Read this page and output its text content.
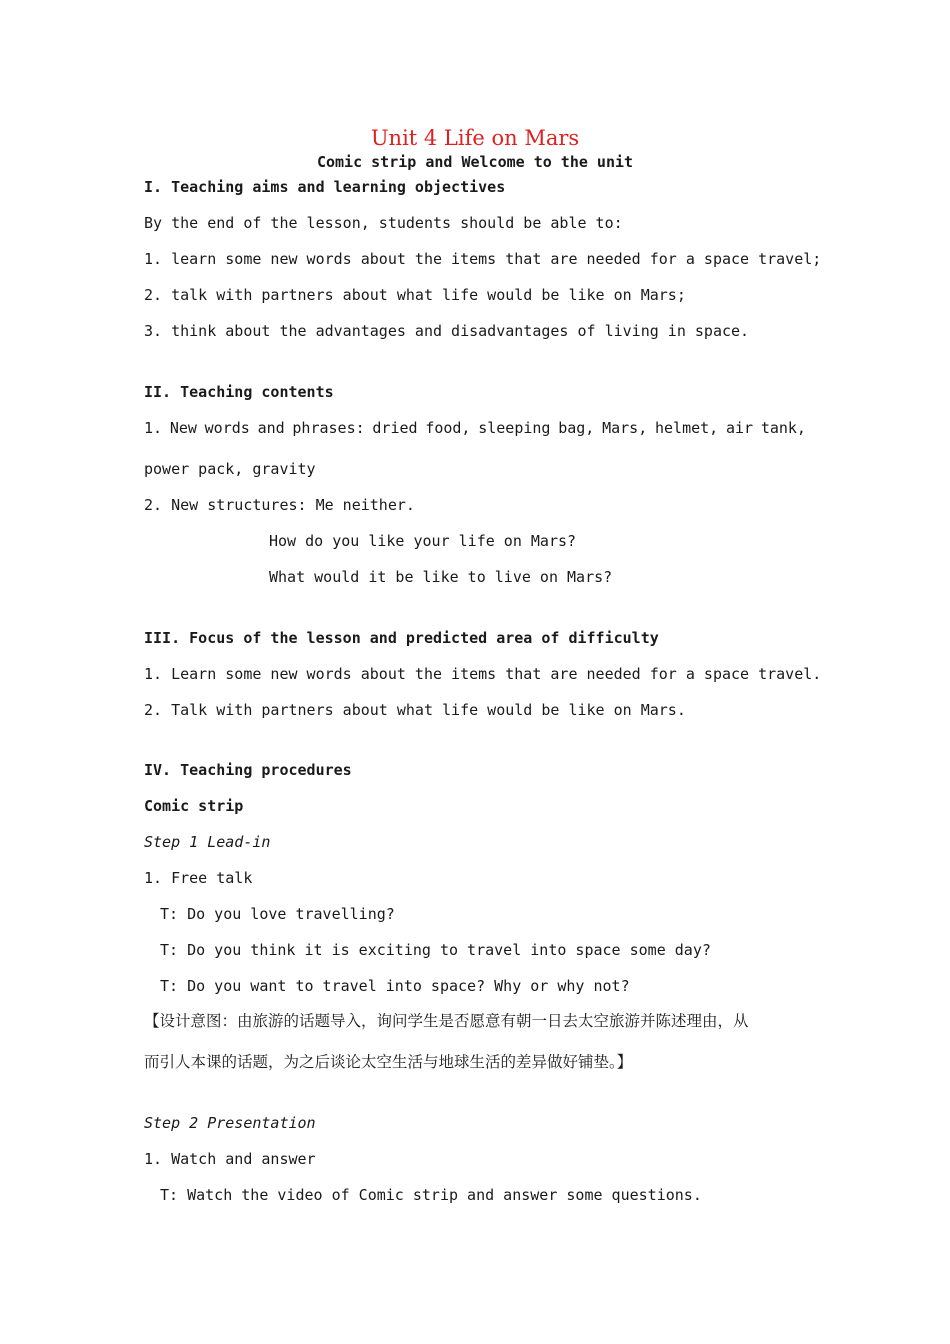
Unit 4 Life on Mars
Comic strip and Welcome to the unit
I. Teaching aims and learning objectives
By the end of the lesson, students should be able to:
1. learn some new words about the items that are needed for a space travel;
2. talk with partners about what life would be like on Mars;
3. think about the advantages and disadvantages of living in space.
II. Teaching contents
1. New words and phrases: dried food, sleeping bag, Mars, helmet, air tank,
power pack, gravity
2. New structures: Me neither.
How do you like your life on Mars?
What would it be like to live on Mars?
III. Focus of the lesson and predicted area of difficulty
1. Learn some new words about the items that are needed for a space travel.
2. Talk with partners about what life would be like on Mars.
IV. Teaching procedures
Comic strip
Step 1 Lead-in
1. Free talk
T: Do you love travelling?
T: Do you think it is exciting to travel into space some day?
T: Do you want to travel into space? Why or why not?
【设计意图：由旅游的话题导入，询问学生是否愿意有朝一日去太空旅游并陈述理由，从
而引人本课的话题，为之后谈论太空生活与地球生活的差异做好铺垫。】
Step 2 Presentation
1. Watch and answer
T: Watch the video of Comic strip and answer some questions.
